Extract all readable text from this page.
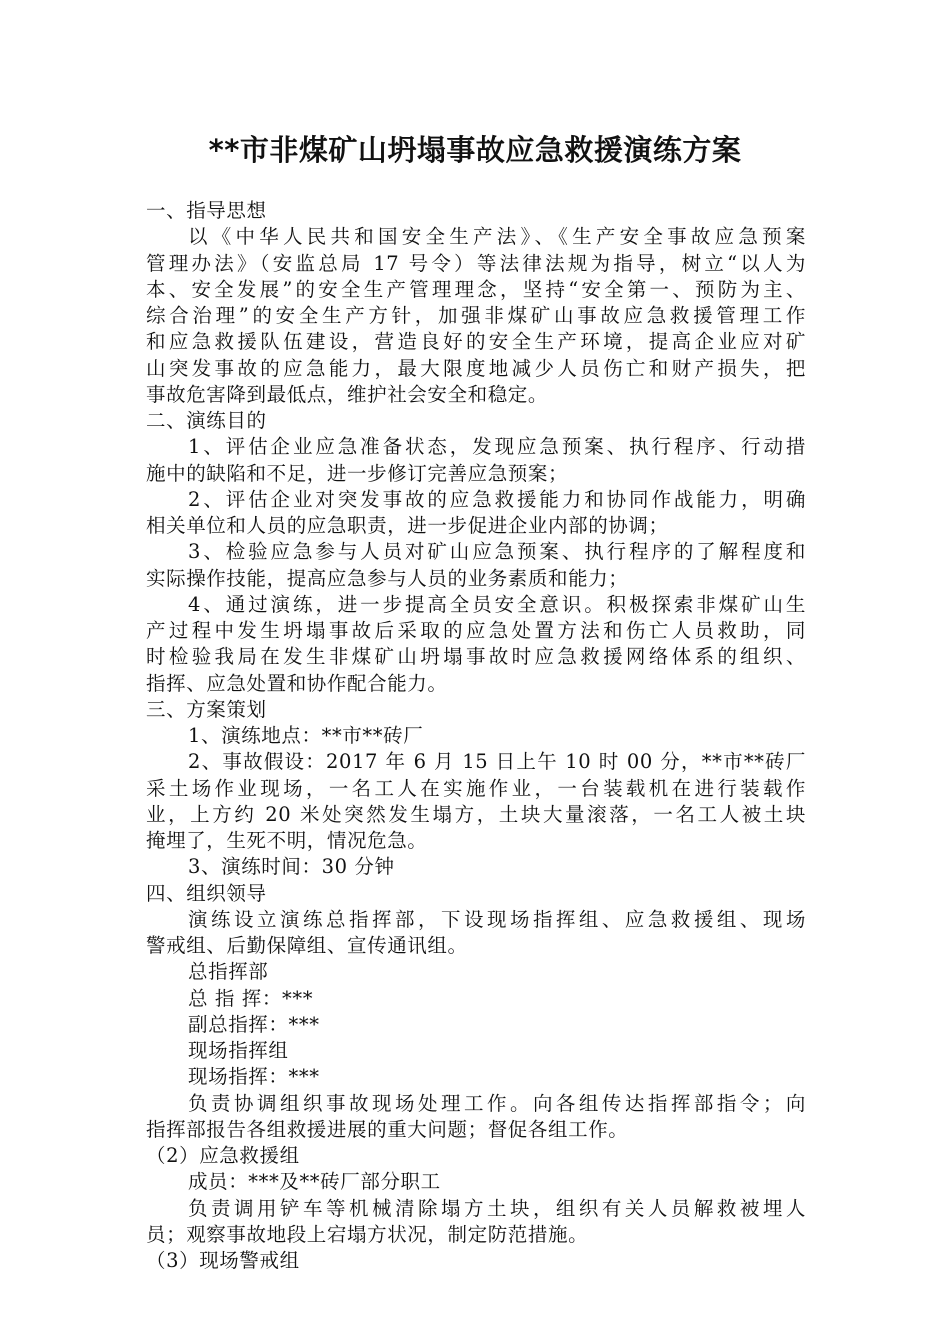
**市非煤矿山坍塌事故应急救援演练方案
一、指导思想
以《中华人民共和国安全生产法》、《生产安全事故应急预案
管理办法》（安监总局 17 号令）等法律法规为指导，树立“以人为
本、安全发展”的安全生产管理理念，坚持“安全第一、预防为主、
综合治理”的安全生产方针，加强非煤矿山事故应急救援管理工作
和应急救援队伍建设，营造良好的安全生产环境，提高企业应对矿
山突发事故的应急能力，最大限度地减少人员伤亡和财产损失，把
事故危害降到最低点，维护社会安全和稳定。
二、演练目的
1、评估企业应急准备状态，发现应急预案、执行程序、行动措
施中的缺陷和不足，进一步修订完善应急预案；
2、评估企业对突发事故的应急救援能力和协同作战能力，明确
相关单位和人员的应急职责，进一步促进企业内部的协调；
3、检验应急参与人员对矿山应急预案、执行程序的了解程度和
实际操作技能，提高应急参与人员的业务素质和能力；
4、通过演练，进一步提高全员安全意识。积极探索非煤矿山生
产过程中发生坍塌事故后采取的应急处置方法和伤亡人员救助，同
时检验我局在发生非煤矿山坍塌事故时应急救援网络体系的组织、
指挥、应急处置和协作配合能力。
三、方案策划
1、演练地点：**市**砖厂
2、事故假设：2017 年 6 月 15 日上午 10 时 00 分，**市**砖厂
采土场作业现场，一名工人在实施作业，一台装载机在进行装载作
业，上方约 20 米处突然发生塌方，土块大量滚落，一名工人被土块
掩埋了，生死不明，情况危急。
3、演练时间：30 分钟
四、组织领导
演练设立演练总指挥部，下设现场指挥组、应急救援组、现场
警戒组、后勤保障组、宣传通讯组。
总指挥部
总 指 挥：***
副总指挥：***
现场指挥组
现场指挥：***
负责协调组织事故现场处理工作。向各组传达指挥部指令；向
指挥部报告各组救援进展的重大问题；督促各组工作。
（2）应急救援组
成员：***及**砖厂部分职工
负责调用铲车等机械清除塌方土块，组织有关人员解救被埋人
员；观察事故地段上宕塌方状况，制定防范措施。
（3）现场警戒组
